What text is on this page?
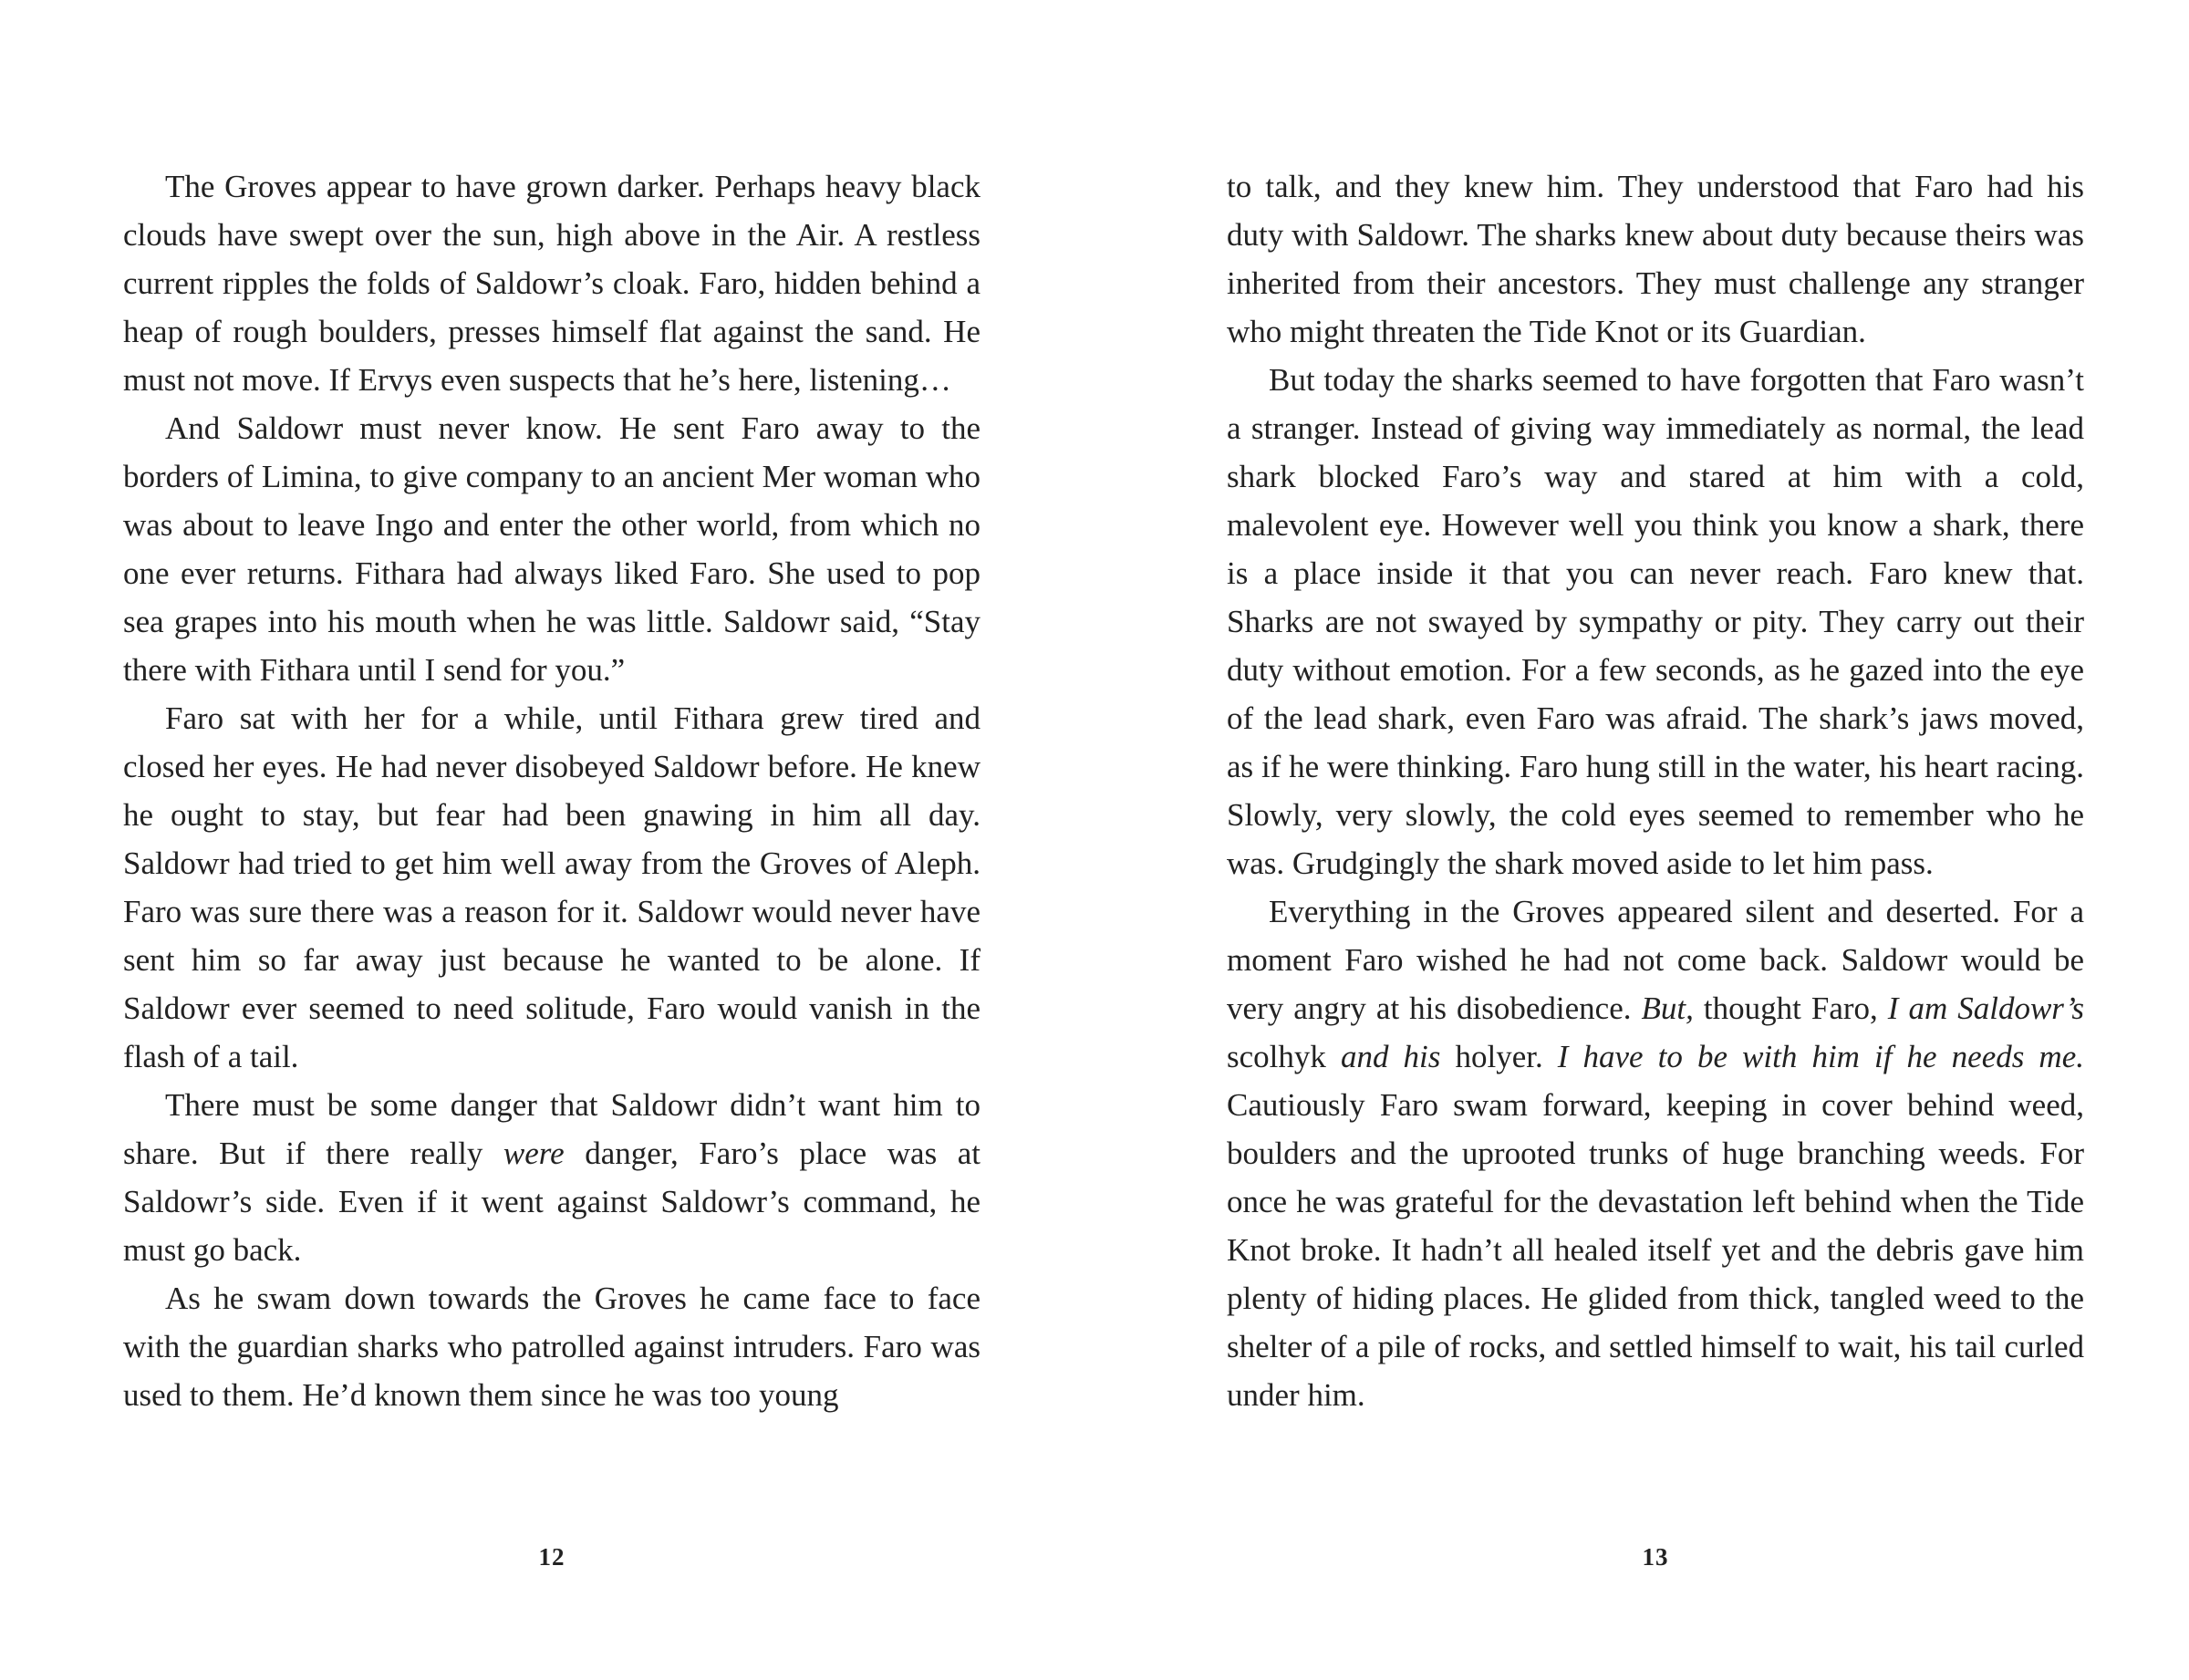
The Groves appear to have grown darker. Perhaps heavy black clouds have swept over the sun, high above in the Air. A restless current ripples the folds of Saldowr’s cloak. Faro, hidden behind a heap of rough boulders, presses himself flat against the sand. He must not move. If Ervys even suspects that he’s here, listening…

And Saldowr must never know. He sent Faro away to the borders of Limina, to give company to an ancient Mer woman who was about to leave Ingo and enter the other world, from which no one ever returns. Fithara had always liked Faro. She used to pop sea grapes into his mouth when he was little. Saldowr said, “Stay there with Fithara until I send for you.”

Faro sat with her for a while, until Fithara grew tired and closed her eyes. He had never disobeyed Saldowr before. He knew he ought to stay, but fear had been gnawing in him all day. Saldowr had tried to get him well away from the Groves of Aleph. Faro was sure there was a reason for it. Saldowr would never have sent him so far away just because he wanted to be alone. If Saldowr ever seemed to need solitude, Faro would vanish in the flash of a tail.

There must be some danger that Saldowr didn’t want him to share. But if there really were danger, Faro’s place was at Saldowr’s side. Even if it went against Saldowr’s command, he must go back.

As he swam down towards the Groves he came face to face with the guardian sharks who patrolled against intruders. Faro was used to them. He’d known them since he was too young

to talk, and they knew him. They understood that Faro had his duty with Saldowr. The sharks knew about duty because theirs was inherited from their ancestors. They must challenge any stranger who might threaten the Tide Knot or its Guardian.

But today the sharks seemed to have forgotten that Faro wasn’t a stranger. Instead of giving way immediately as normal, the lead shark blocked Faro’s way and stared at him with a cold, malevolent eye. However well you think you know a shark, there is a place inside it that you can never reach. Faro knew that. Sharks are not swayed by sympathy or pity. They carry out their duty without emotion. For a few seconds, as he gazed into the eye of the lead shark, even Faro was afraid. The shark’s jaws moved, as if he were thinking. Faro hung still in the water, his heart racing. Slowly, very slowly, the cold eyes seemed to remember who he was. Grudgingly the shark moved aside to let him pass.

Everything in the Groves appeared silent and deserted. For a moment Faro wished he had not come back. Saldowr would be very angry at his disobedience. But, thought Faro, I am Saldowr’s scolhyk and his holyer. I have to be with him if he needs me. Cautiously Faro swam forward, keeping in cover behind weed, boulders and the uprooted trunks of huge branching weeds. For once he was grateful for the devastation left behind when the Tide Knot broke. It hadn’t all healed itself yet and the debris gave him plenty of hiding places. He glided from thick, tangled weed to the shelter of a pile of rocks, and settled himself to wait, his tail curled under him.

12	13
